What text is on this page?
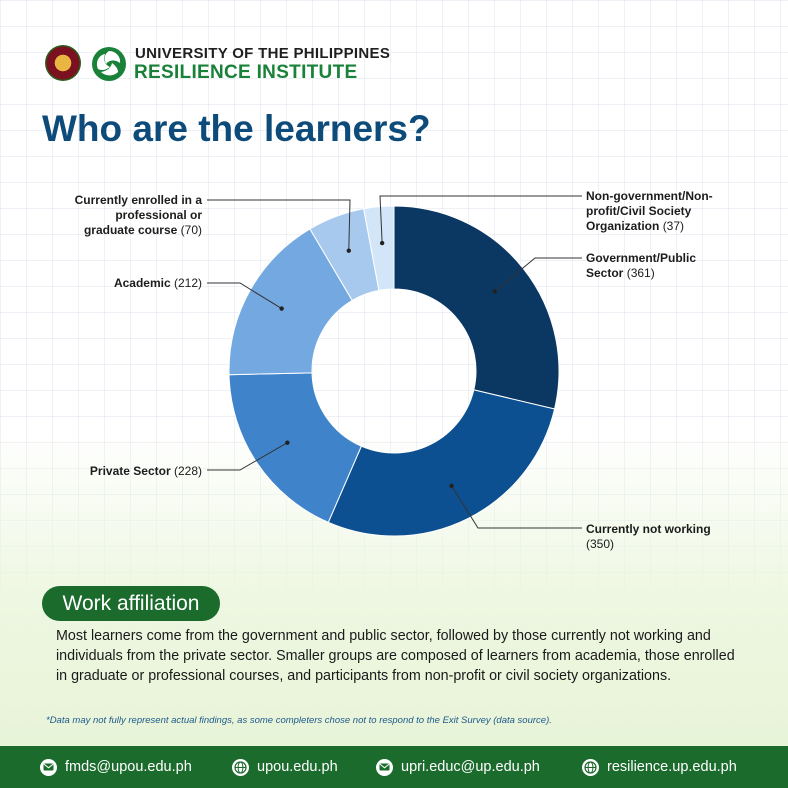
UNIVERSITY OF THE PHILIPPINES
RESILIENCE INSTITUTE
Who are the learners?
Government/Public Sector (361)
Currently not working (350)
Private Sector (228)
Academic (212)
Currently enrolled in a professional or graduate course (70)
Non-government/Non-profit/Civil Society Organization (37)
Work affiliation
Most learners come from the government and public sector, followed by those currently not working and individuals from the private sector. Smaller groups are composed of learners from academia, those enrolled in graduate or professional courses, and participants from non-profit or civil society organizations.
*Data may not fully represent actual findings, as some completers chose not to respond to the Exit Survey (data source).
fmds@upou.edu.ph	upou.edu.ph	upri.educ@up.edu.ph	resilience.up.edu.ph
